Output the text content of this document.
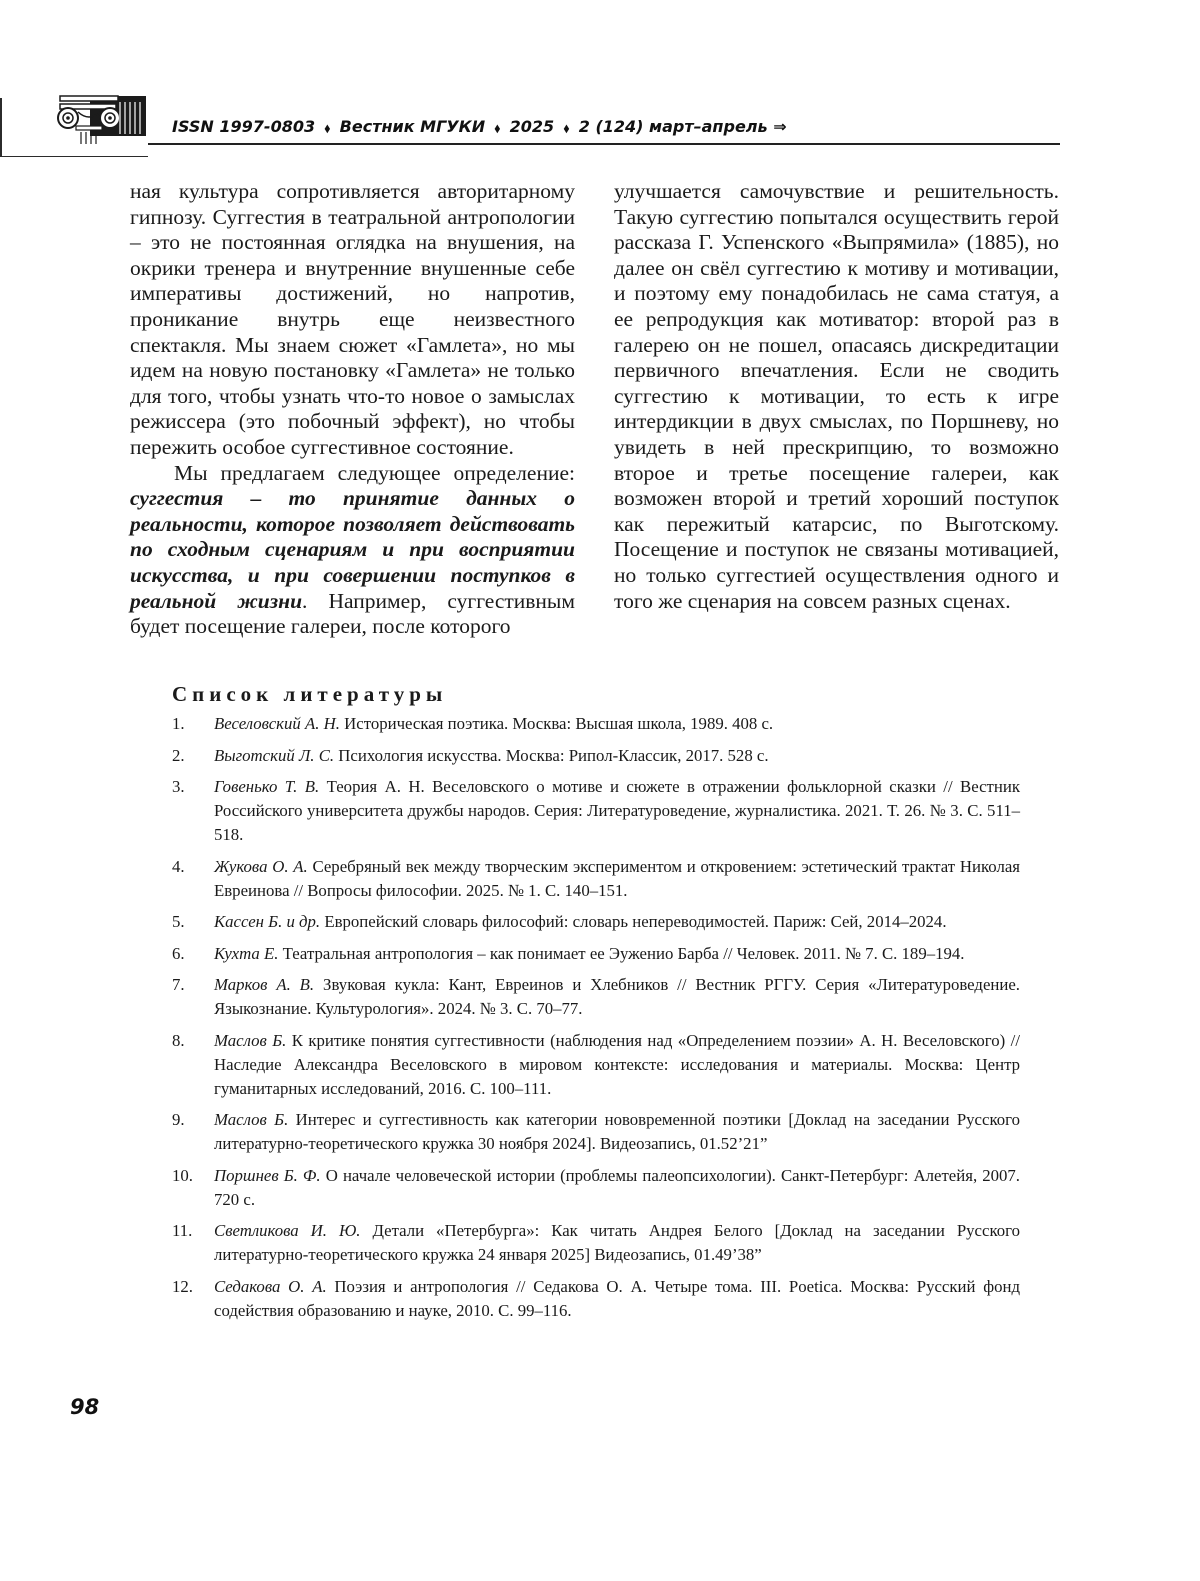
ISSN 1997-0803 ⬧ Вестник МГУКИ ⬧ 2025 ⬧ 2 (124) март–апрель ⇒

ная культура сопротивляется авторитарному гипнозу. Суггестия в театральной антропологии – это не постоянная оглядка на внушения, на окрики тренера и внутренние внушенные себе императивы достижений, но напротив, проникание внутрь еще неизвестного спектакля. Мы знаем сюжет «Гамлета», но мы идем на новую постановку «Гамлета» не только для того, чтобы узнать что-то новое о замыслах режиссера (это побочный эффект), но чтобы пережить особое суггестивное состояние.

Мы предлагаем следующее определение: суггестия – то принятие данных о реальности, которое позволяет действовать по сходным сценариям и при восприятии искусства, и при совершении поступков в реальной жизни. Например, суггестивным будет посещение галереи, после которого

улучшается самочувствие и решительность. Такую суггестию попытался осуществить герой рассказа Г. Успенского «Выпрямила» (1885), но далее он свёл суггестию к мотиву и мотивации, и поэтому ему понадобилась не сама статуя, а ее репродукция как мотиватор: второй раз в галерею он не пошел, опасаясь дискредитации первичного впечатления. Если не сводить суггестию к мотивации, то есть к игре интердикции в двух смыслах, по Поршневу, но увидеть в ней прескрипцию, то возможно второе и третье посещение галереи, как возможен второй и третий хороший поступок как пережитый катарсис, по Выготскому. Посещение и поступок не связаны мотивацией, но только суггестией осуществления одного и того же сценария на совсем разных сценах.

Список литературы
1.	Веселовский А. Н. Историческая поэтика. Москва: Высшая школа, 1989. 408 с.
2.	Выготский Л. С. Психология искусства. Москва: Рипол-Классик, 2017. 528 с.
3.	Говенько Т. В. Теория А. Н. Веселовского о мотиве и сюжете в отражении фольклорной сказки // Вестник Российского университета дружбы народов. Серия: Литературоведение, журналистика. 2021. Т. 26. № 3. С. 511–518.
4.	Жукова О. А. Серебряный век между творческим экспериментом и откровением: эстетический трактат Николая Евреинова // Вопросы философии. 2025. № 1. С. 140–151.
5.	Кассен Б. и др. Европейский словарь философий: словарь непереводимостей. Париж: Сей, 2014–2024.
6.	Кухта Е. Театральная антропология – как понимает ее Эуженио Барба // Человек. 2011. № 7. С. 189–194.
7.	Марков А. В. Звуковая кукла: Кант, Евреинов и Хлебников // Вестник РГГУ. Серия «Литературоведение. Языкознание. Культурология». 2024. № 3. С. 70–77.
8.	Маслов Б. К критике понятия суггестивности (наблюдения над «Определением поэзии» А. Н. Веселовского) // Наследие Александра Веселовского в мировом контексте: исследования и материалы. Москва: Центр гуманитарных исследований, 2016. С. 100–111.
9.	Маслов Б. Интерес и суггестивность как категории нововременной поэтики [Доклад на заседании Русского литературно-теоретического кружка 30 ноября 2024]. Видеозапись, 01.52’21”
10.	Поршнев Б. Ф. О начале человеческой истории (проблемы палеопсихологии). Санкт-Петербург: Алетейя, 2007. 720 с.
11.	Светликова И. Ю. Детали «Петербурга»: Как читать Андрея Белого [Доклад на заседании Русского литературно-теоретического кружка 24 января 2025] Видеозапись, 01.49’38”
12.	Седакова О. А. Поэзия и антропология // Седакова О. А. Четыре тома. III. Poetica. Москва: Русский фонд содействия образованию и науке, 2010. С. 99–116.
98
